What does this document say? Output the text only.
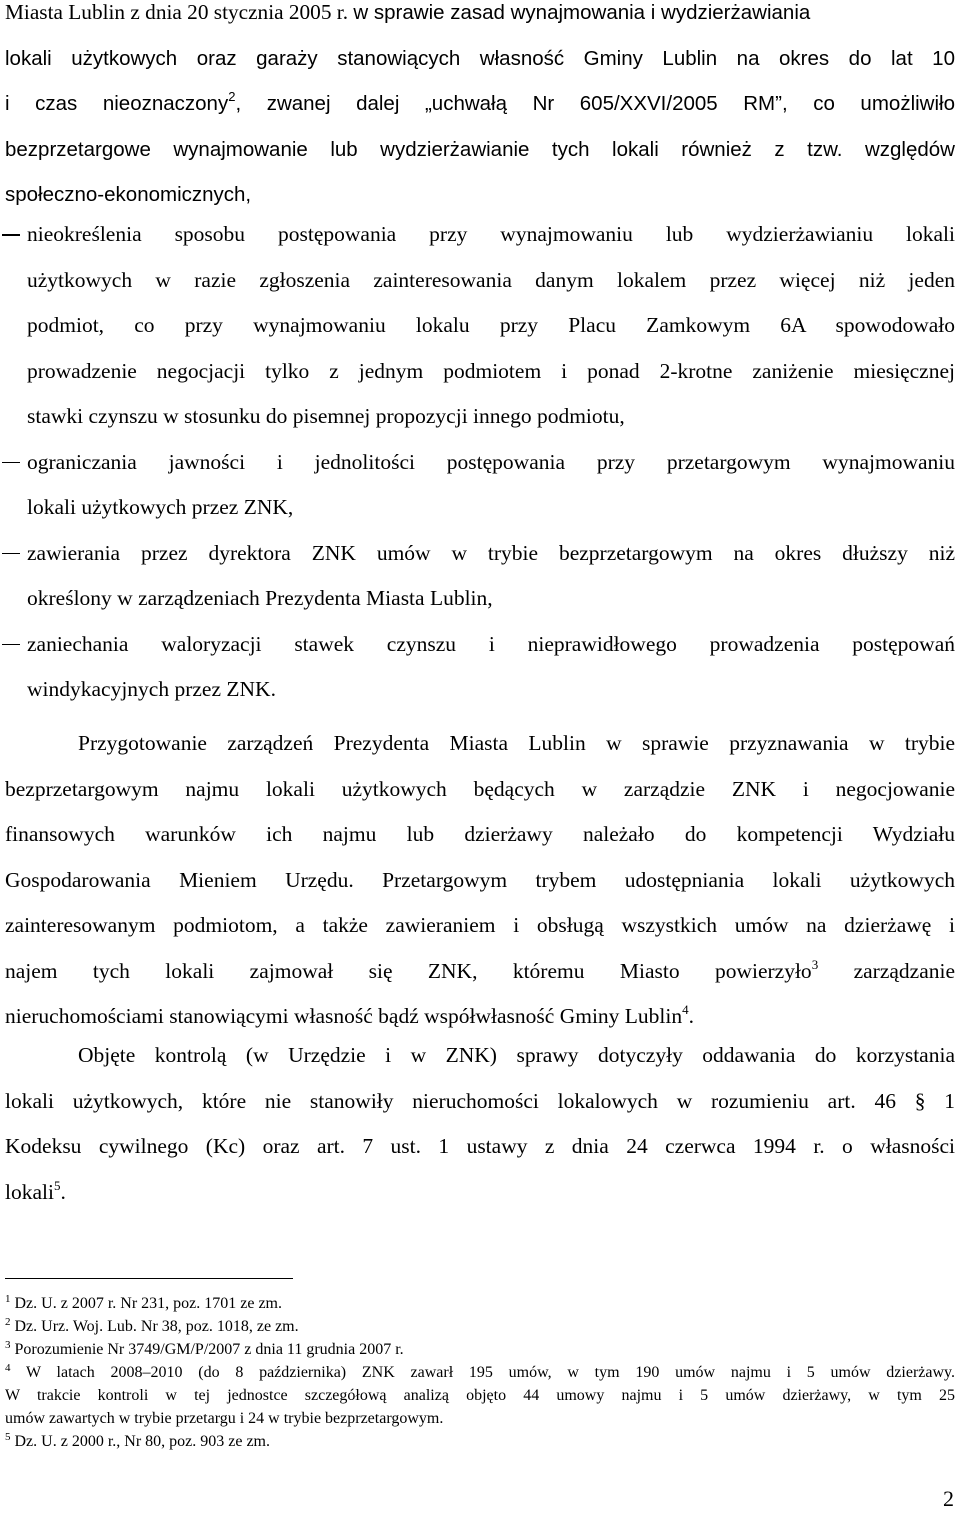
Miasta Lublin z dnia 20 stycznia 2005 r. w sprawie zasad wynajmowania i wydzierżawiania
lokali użytkowych oraz garaży stanowiących własność Gminy Lublin na okres do lat 10
i czas nieoznaczony$^2$, zwanej dalej „uchwałą Nr 605/XXVI/2005 RM”, co umożliwiło
bezprzetargowe wynajmowanie lub wydzierżawianie tych lokali również z tzw. względów
społeczno-ekonomicznych,
nieokreślenia sposobu postępowania przy wynajmowaniu lub wydzierżawianiu lokali
użytkowych w razie zgłoszenia zainteresowania danym lokalem przez więcej niż jeden
podmiot, co przy wynajmowaniu lokalu przy Placu Zamkowym 6A spowodowało
prowadzenie negocjacji tylko z jednym podmiotem i ponad 2-krotne zaniżenie miesięcznej
stawki czynszu w stosunku do pisemnej propozycji innego podmiotu,
ograniczania jawności i jednolitości postępowania przy przetargowym wynajmowaniu
lokali użytkowych przez ZNK,
zawierania przez dyrektora ZNK umów w trybie bezprzetargowym na okres dłuższy niż
określony w zarządzeniach Prezydenta Miasta Lublin,
zaniechania waloryzacji stawek czynszu i nieprawidłowego prowadzenia postępowań
windykacyjnych przez ZNK.
Przygotowanie zarządzeń Prezydenta Miasta Lublin w sprawie przyznawania w trybie
bezprzetargowym najmu lokali użytkowych będących w zarządzie ZNK i negocjowanie
finansowych warunków ich najmu lub dzierżawy należało do kompetencji Wydziału
Gospodarowania Mieniem Urzędu. Przetargowym trybem udostępniania lokali użytkowych
zainteresowanym podmiotom, a także zawieraniem i obsługą wszystkich umów na dzierżawę i
najem tych lokali zajmował się ZNK, któremu Miasto powierzyło$^3$ zarządzanie
nieruchomościami stanowiącymi własność bądź współwłasność Gminy Lublin$^4$.
Objęte kontrolą (w Urzędzie i w ZNK) sprawy dotyczyły oddawania do korzystania
lokali użytkowych, które nie stanowiły nieruchomości lokalowych w rozumieniu art. 46 § 1
Kodeksu cywilnego (Kc) oraz art. 7 ust. 1 ustawy z dnia 24 czerwca 1994 r. o własności
lokali$^5$.
$^1$ Dz. U. z 2007 r. Nr 231, poz. 1701 ze zm.
$^2$ Dz. Urz. Woj. Lub. Nr 38, poz. 1018, ze zm.
$^3$ Porozumienie Nr 3749/GM/P/2007 z dnia 11 grudnia 2007 r.
$^4$ W latach 2008–2010 (do 8 października) ZNK zawarł 195 umów, w tym 190 umów najmu i 5 umów dzierżawy.
W trakcie kontroli w tej jednostce szczegółową analizą objęto 44 umowy najmu i 5 umów dzierżawy, w tym 25
umów zawartych w trybie przetargu i 24 w trybie bezprzetargowym.
$^5$ Dz. U. z 2000 r., Nr 80, poz. 903 ze zm.
2
